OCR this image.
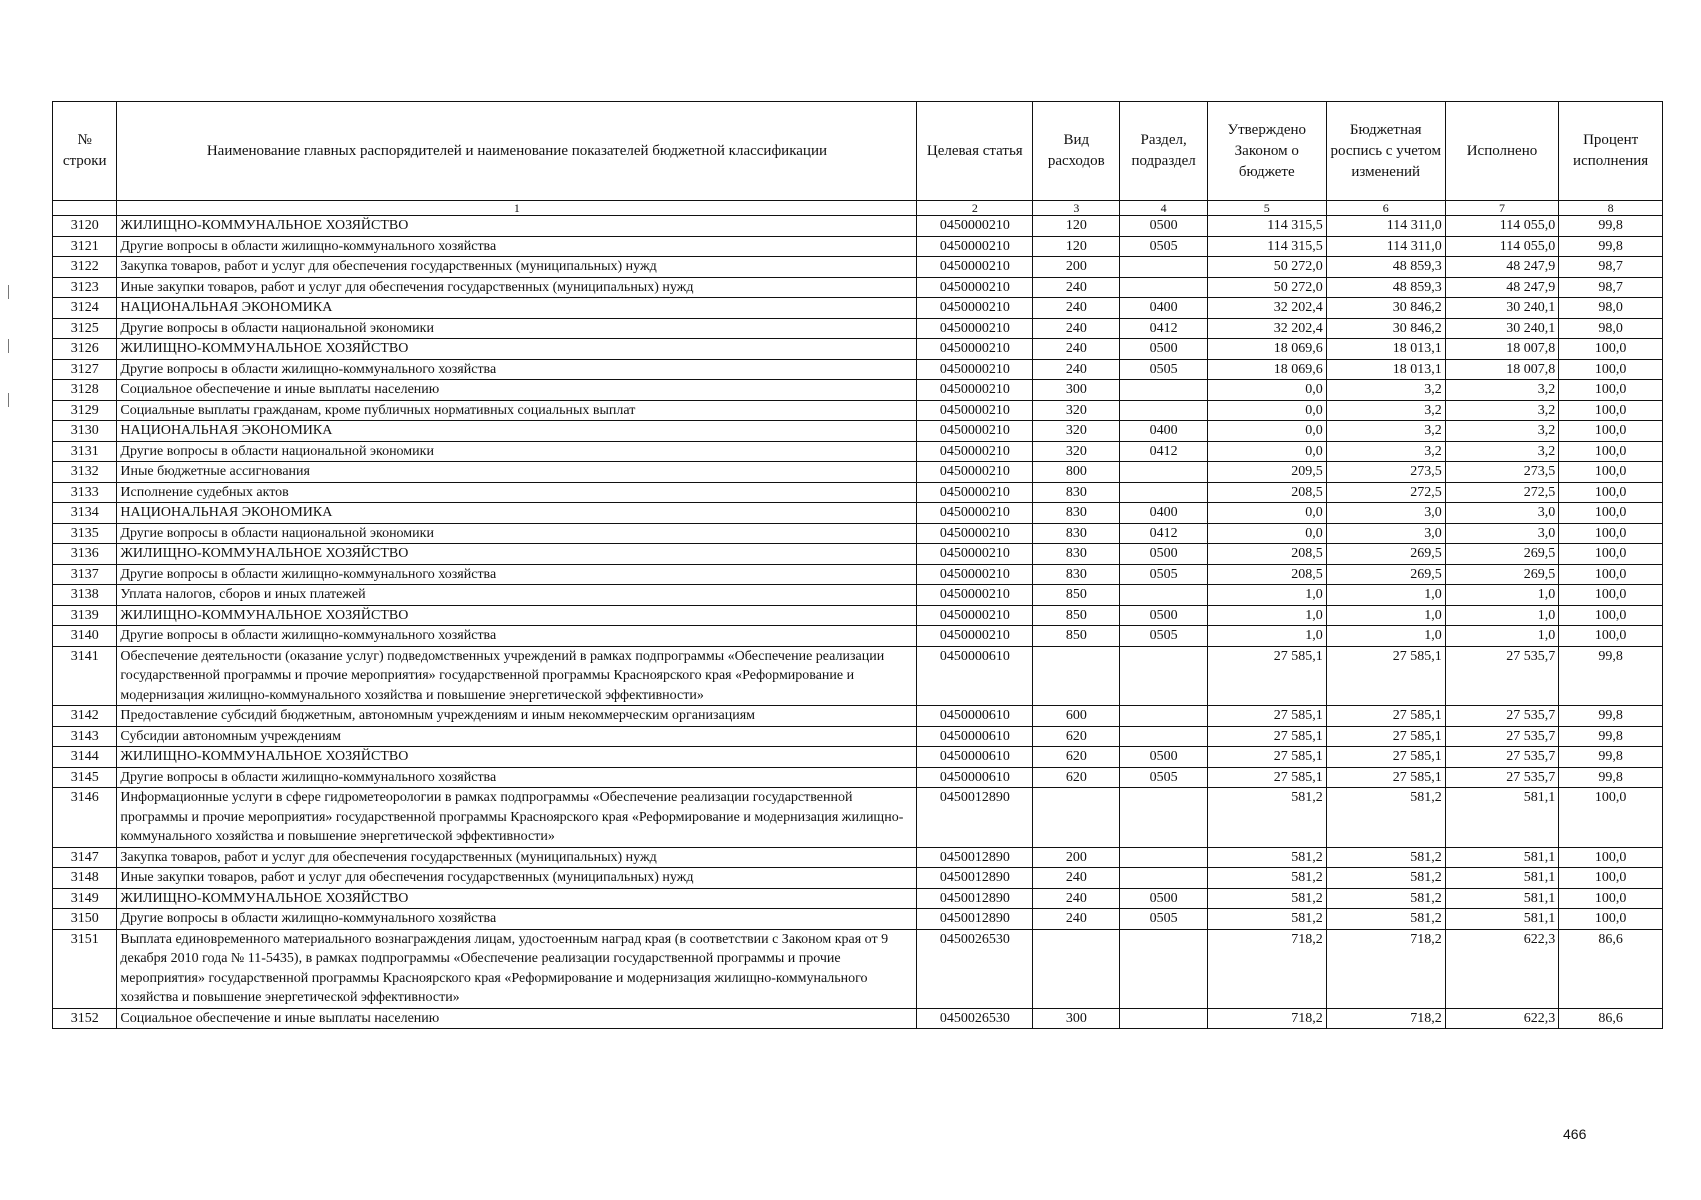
№ строки	Наименование главных распорядителей и наименование показателей бюджетной классификации	Целевая статья	Вид расходов	Раздел, подраздел	Утверждено Законом о бюджете	Бюджетная роспись с учетом изменений	Исполнено	Процент исполнения
	1	2	3	4	5	6	7	8
3120	ЖИЛИЩНО-КОММУНАЛЬНОЕ ХОЗЯЙСТВО	0450000210	120	0500	114 315,5	114 311,0	114 055,0	99,8
3121	Другие вопросы в области жилищно-коммунального хозяйства	0450000210	120	0505	114 315,5	114 311,0	114 055,0	99,8
3122	Закупка товаров, работ и услуг для обеспечения государственных (муниципальных) нужд	0450000210	200		50 272,0	48 859,3	48 247,9	98,7
3123	Иные закупки товаров, работ и услуг для обеспечения государственных (муниципальных) нужд	0450000210	240		50 272,0	48 859,3	48 247,9	98,7
3124	НАЦИОНАЛЬНАЯ ЭКОНОМИКА	0450000210	240	0400	32 202,4	30 846,2	30 240,1	98,0
3125	Другие вопросы в области национальной экономики	0450000210	240	0412	32 202,4	30 846,2	30 240,1	98,0
3126	ЖИЛИЩНО-КОММУНАЛЬНОЕ ХОЗЯЙСТВО	0450000210	240	0500	18 069,6	18 013,1	18 007,8	100,0
3127	Другие вопросы в области жилищно-коммунального хозяйства	0450000210	240	0505	18 069,6	18 013,1	18 007,8	100,0
3128	Социальное обеспечение и иные выплаты населению	0450000210	300		0,0	3,2	3,2	100,0
3129	Социальные выплаты гражданам, кроме публичных нормативных социальных выплат	0450000210	320		0,0	3,2	3,2	100,0
3130	НАЦИОНАЛЬНАЯ ЭКОНОМИКА	0450000210	320	0400	0,0	3,2	3,2	100,0
3131	Другие вопросы в области национальной экономики	0450000210	320	0412	0,0	3,2	3,2	100,0
3132	Иные бюджетные ассигнования	0450000210	800		209,5	273,5	273,5	100,0
3133	Исполнение судебных актов	0450000210	830		208,5	272,5	272,5	100,0
3134	НАЦИОНАЛЬНАЯ ЭКОНОМИКА	0450000210	830	0400	0,0	3,0	3,0	100,0
3135	Другие вопросы в области национальной экономики	0450000210	830	0412	0,0	3,0	3,0	100,0
3136	ЖИЛИЩНО-КОММУНАЛЬНОЕ ХОЗЯЙСТВО	0450000210	830	0500	208,5	269,5	269,5	100,0
3137	Другие вопросы в области жилищно-коммунального хозяйства	0450000210	830	0505	208,5	269,5	269,5	100,0
3138	Уплата налогов, сборов и иных платежей	0450000210	850		1,0	1,0	1,0	100,0
3139	ЖИЛИЩНО-КОММУНАЛЬНОЕ ХОЗЯЙСТВО	0450000210	850	0500	1,0	1,0	1,0	100,0
3140	Другие вопросы в области жилищно-коммунального хозяйства	0450000210	850	0505	1,0	1,0	1,0	100,0
3141	Обеспечение деятельности (оказание услуг) подведомственных учреждений в рамках подпрограммы «Обеспечение реализации государственной программы и прочие мероприятия» государственной программы Красноярского края «Реформирование и модернизация жилищно-коммунального хозяйства и повышение энергетической эффективности»	0450000610			27 585,1	27 585,1	27 535,7	99,8
3142	Предоставление субсидий бюджетным, автономным учреждениям и иным некоммерческим организациям	0450000610	600		27 585,1	27 585,1	27 535,7	99,8
3143	Субсидии автономным учреждениям	0450000610	620		27 585,1	27 585,1	27 535,7	99,8
3144	ЖИЛИЩНО-КОММУНАЛЬНОЕ ХОЗЯЙСТВО	0450000610	620	0500	27 585,1	27 585,1	27 535,7	99,8
3145	Другие вопросы в области жилищно-коммунального хозяйства	0450000610	620	0505	27 585,1	27 585,1	27 535,7	99,8
3146	Информационные услуги в сфере гидрометеорологии в рамках подпрограммы «Обеспечение реализации государственной программы и прочие мероприятия» государственной программы Красноярского края «Реформирование и модернизация жилищно-коммунального хозяйства и повышение энергетической эффективности»	0450012890			581,2	581,2	581,1	100,0
3147	Закупка товаров, работ и услуг для обеспечения государственных (муниципальных) нужд	0450012890	200		581,2	581,2	581,1	100,0
3148	Иные закупки товаров, работ и услуг для обеспечения государственных (муниципальных) нужд	0450012890	240		581,2	581,2	581,1	100,0
3149	ЖИЛИЩНО-КОММУНАЛЬНОЕ ХОЗЯЙСТВО	0450012890	240	0500	581,2	581,2	581,1	100,0
3150	Другие вопросы в области жилищно-коммунального хозяйства	0450012890	240	0505	581,2	581,2	581,1	100,0
3151	Выплата единовременного материального вознаграждения лицам, удостоенным наград края (в соответствии с Законом края от 9 декабря 2010 года № 11-5435), в рамках подпрограммы «Обеспечение реализации государственной программы и прочие мероприятия» государственной программы Красноярского края «Реформирование и модернизация жилищно-коммунального хозяйства и повышение энергетической эффективности»	0450026530			718,2	718,2	622,3	86,6
3152	Социальное обеспечение и иные выплаты населению	0450026530	300		718,2	718,2	622,3	86,6
466
